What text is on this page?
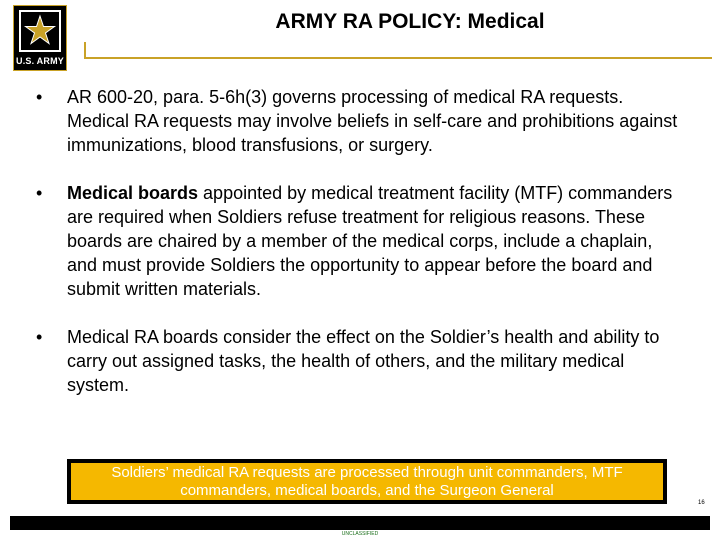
U.S. ARMY
ARMY RA POLICY: Medical
• AR 600-20, para. 5-6h(3) governs processing of medical RA requests. Medical RA requests may involve beliefs in self-care and prohibitions against immunizations, blood transfusions, or surgery.
• Medical boards appointed by medical treatment facility (MTF) commanders are required when Soldiers refuse treatment for religious reasons. These boards are chaired by a member of the medical corps, include a chaplain, and must provide Soldiers the opportunity to appear before the board and submit written materials.
• Medical RA boards consider the effect on the Soldier’s health and ability to carry out assigned tasks, the health of others, and the military medical system.
Soldiers’ medical RA requests are processed through unit commanders, MTF
commanders, medical boards, and the Surgeon General
16
UNCLASSIFIED
